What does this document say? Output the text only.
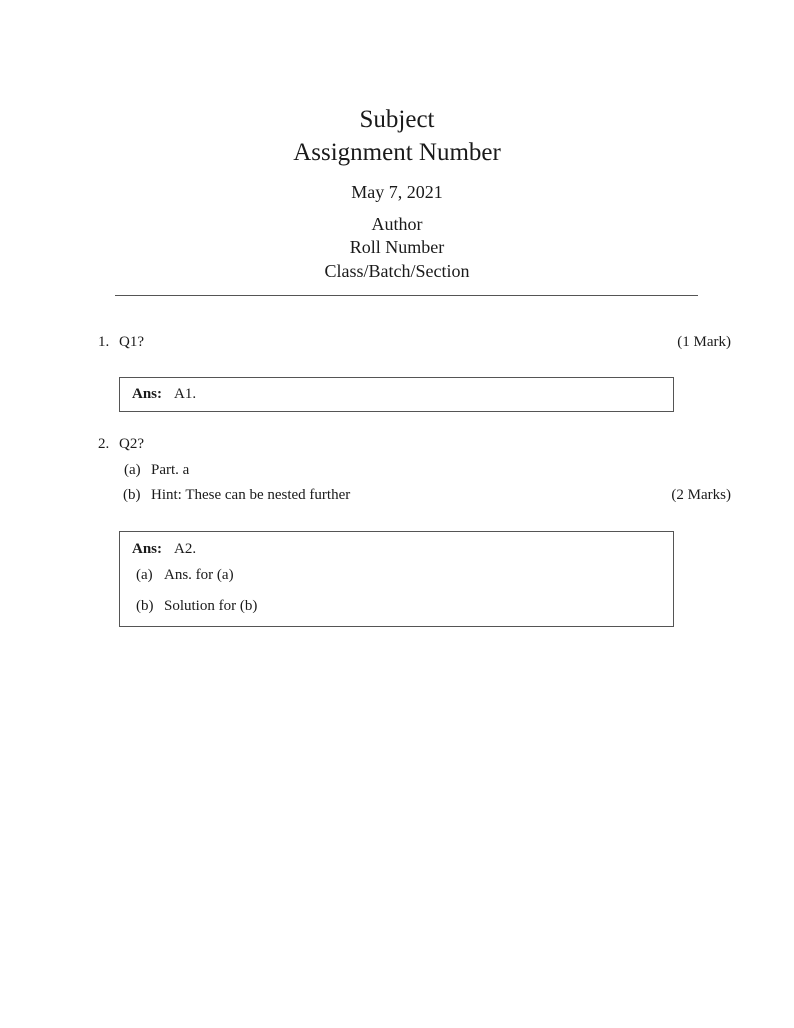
Subject
Assignment Number
May 7, 2021
Author
Roll Number
Class/Batch/Section
1. Q1?	(1 Mark)
Ans: A1.
2. Q2?
(a) Part. a
(b) Hint: These can be nested further	(2 Marks)
Ans: A2.
(a) Ans. for (a)
(b) Solution for (b)
